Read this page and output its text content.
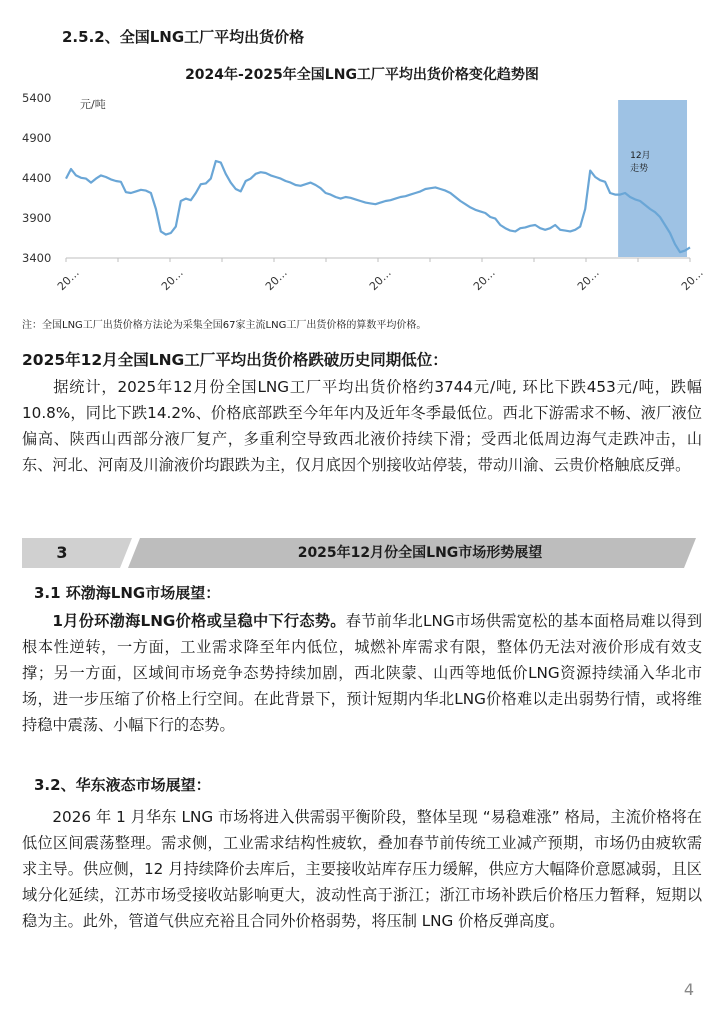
2.5.2、全国LNG工厂平均出货价格
2024年-2025年全国LNG工厂平均出货价格变化趋势图
12月
走势
5400
4900
4400
3900
3400
20…	20…	20…	20…	20…	20…	20…
元/吨
注：全国LNG工厂出货价格方法论为采集全国67家主流LNG工厂出货价格的算数平均价格。
2025年12月全国LNG工厂平均出货价格跌破历史同期低位：
据统计，2025年12月份全国LNG工厂平均出货价格约3744元/吨, 环比下跌453元/吨，跌幅10.8%，同比下跌14.2%、价格底部跌至今年年内及近年冬季最低位。西北下游需求不畅、液厂液位偏高、陕西山西部分液厂复产，多重利空导致西北液价持续下滑；受西北低周边海气走跌冲击，山东、河北、河南及川渝液价均跟跌为主，仅月底因个别接收站停装，带动川渝、云贵价格触底反弹。
3	2025年12月份全国LNG市场形势展望
3.1 环渤海LNG市场展望：
1月份环渤海LNG价格或呈稳中下行态势。春节前华北LNG市场供需宽松的基本面格局难以得到根本性逆转，一方面，工业需求降至年内低位，城燃补库需求有限，整体仍无法对液价形成有效支撑；另一方面，区域间市场竞争态势持续加剧，西北陕蒙、山西等地低价LNG资源持续涌入华北市场，进一步压缩了价格上行空间。在此背景下，预计短期内华北LNG价格难以走出弱势行情，或将维持稳中震荡、小幅下行的态势。
3.2、华东液态市场展望：
2026 年 1 月华东 LNG 市场将进入供需弱平衡阶段，整体呈现 “易稳难涨” 格局，主流价格将在低位区间震荡整理。需求侧，工业需求结构性疲软，叠加春节前传统工业减产预期，市场仍由疲软需求主导。供应侧，12 月持续降价去库后，主要接收站库存压力缓解，供应方大幅降价意愿减弱，且区域分化延续，江苏市场受接收站影响更大，波动性高于浙江；浙江市场补跌后价格压力暂释，短期以稳为主。此外，管道气供应充裕且合同外价格弱势，将压制 LNG 价格反弹高度。
4
